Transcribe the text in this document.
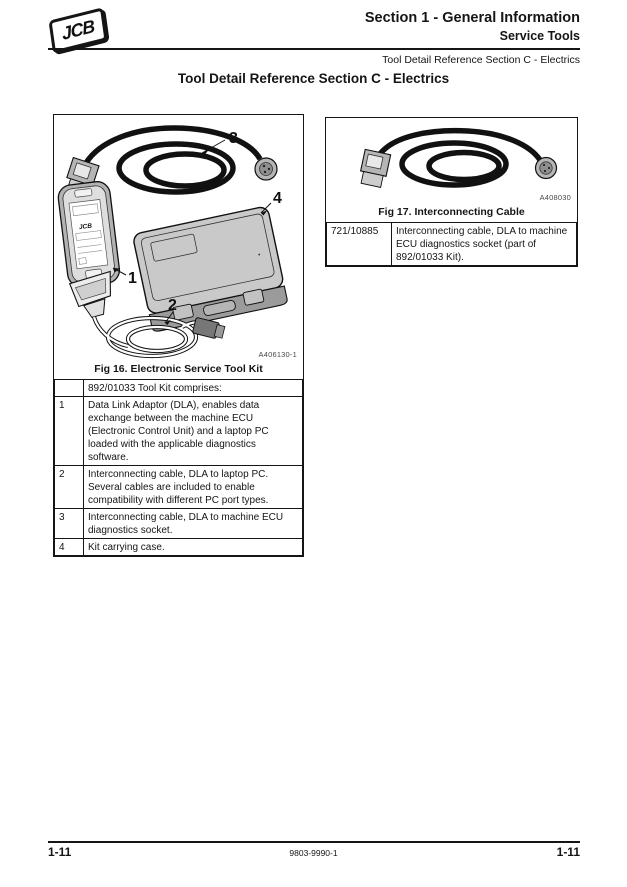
JCB	Section 1 - General Information
Service Tools
Tool Detail Reference Section C - Electrics
Tool Detail Reference Section C - Electrics
3
4
JCB
1
2
A406130-1
Fig 16. Electronic Service Tool Kit
	892/01033 Tool Kit comprises:
1	Data Link Adaptor (DLA), enables data exchange between the machine ECU (Electronic Control Unit) and a laptop PC loaded with the applicable diagnostics software.
2	Interconnecting cable, DLA to laptop PC. Several cables are included to enable compatibility with different PC port types.
3	Interconnecting cable, DLA to machine ECU diagnostics socket.
4	Kit carrying case.
A408030
Fig 17. Interconnecting Cable
721/10885	Interconnecting cable, DLA to machine ECU diagnostics socket (part of 892/01033 Kit).
1-11	9803-9990-1	1-11
